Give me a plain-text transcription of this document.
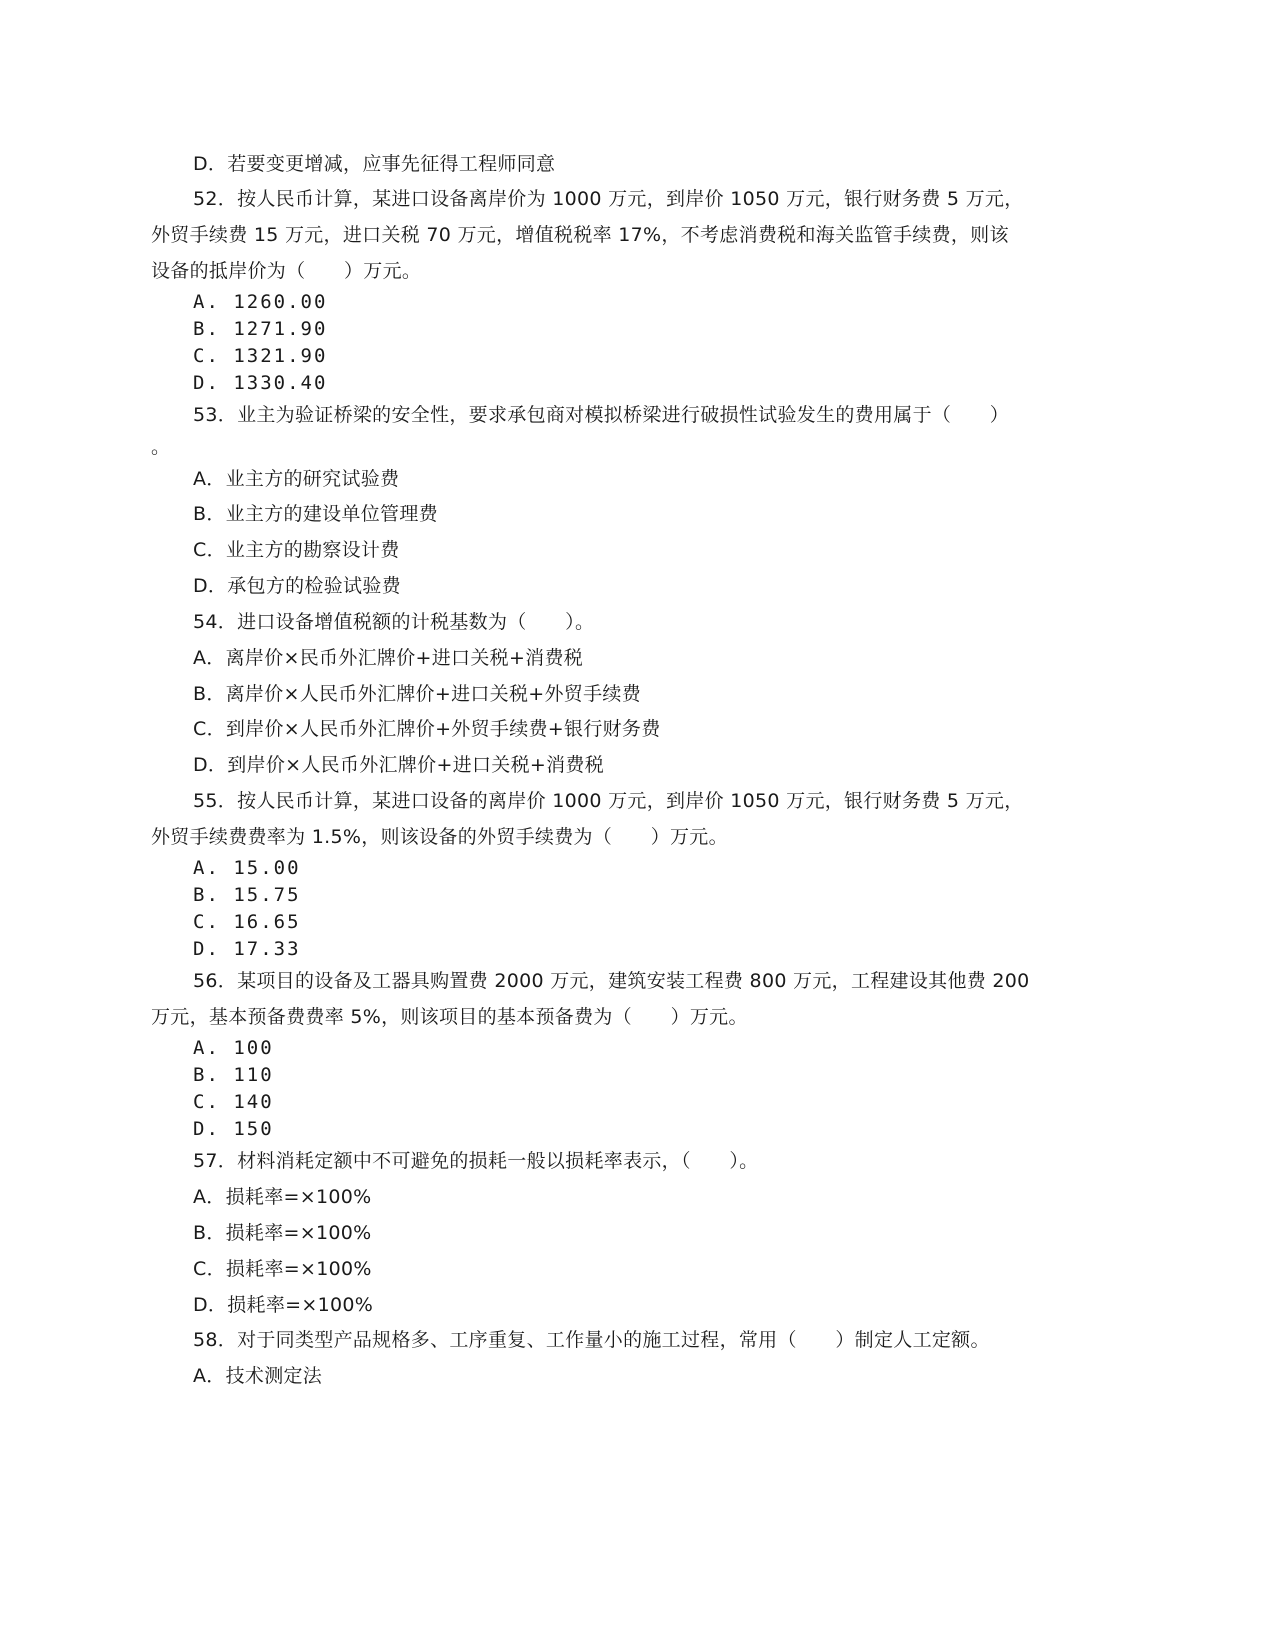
D．若要变更增减，应事先征得工程师同意
52．按人民币计算，某进口设备离岸价为 1000 万元，到岸价 1050 万元，银行财务费 5 万元，
外贸手续费 15 万元，进口关税 70 万元，增值税税率 17%，不考虑消费税和海关监管手续费，则该
设备的抵岸价为（　　）万元。
A. 1260.00
B. 1271.90
C. 1321.90
D. 1330.40
53．业主为验证桥梁的安全性，要求承包商对模拟桥梁进行破损性试验发生的费用属于（　　）
。
A．业主方的研究试验费
B．业主方的建设单位管理费
C．业主方的勘察设计费
D．承包方的检验试验费
54．进口设备增值税额的计税基数为（　　）。
A．离岸价×民币外汇牌价+进口关税+消费税
B．离岸价×人民币外汇牌价+进口关税+外贸手续费
C．到岸价×人民币外汇牌价+外贸手续费+银行财务费
D．到岸价×人民币外汇牌价+进口关税+消费税
55．按人民币计算，某进口设备的离岸价 1000 万元，到岸价 1050 万元，银行财务费 5 万元，
外贸手续费费率为 1.5%，则该设备的外贸手续费为（　　）万元。
A. 15.00
B. 15.75
C. 16.65
D. 17.33
56．某项目的设备及工器具购置费 2000 万元，建筑安装工程费 800 万元，工程建设其他费 200
万元，基本预备费费率 5%，则该项目的基本预备费为（　　）万元。
A. 100
B. 110
C. 140
D. 150
57．材料消耗定额中不可避免的损耗一般以损耗率表示，（　　）。
A．损耗率=×100%
B．损耗率=×100%
C．损耗率=×100%
D．损耗率=×100%
58．对于同类型产品规格多、工序重复、工作量小的施工过程，常用（　　）制定人工定额。
A．技术测定法
